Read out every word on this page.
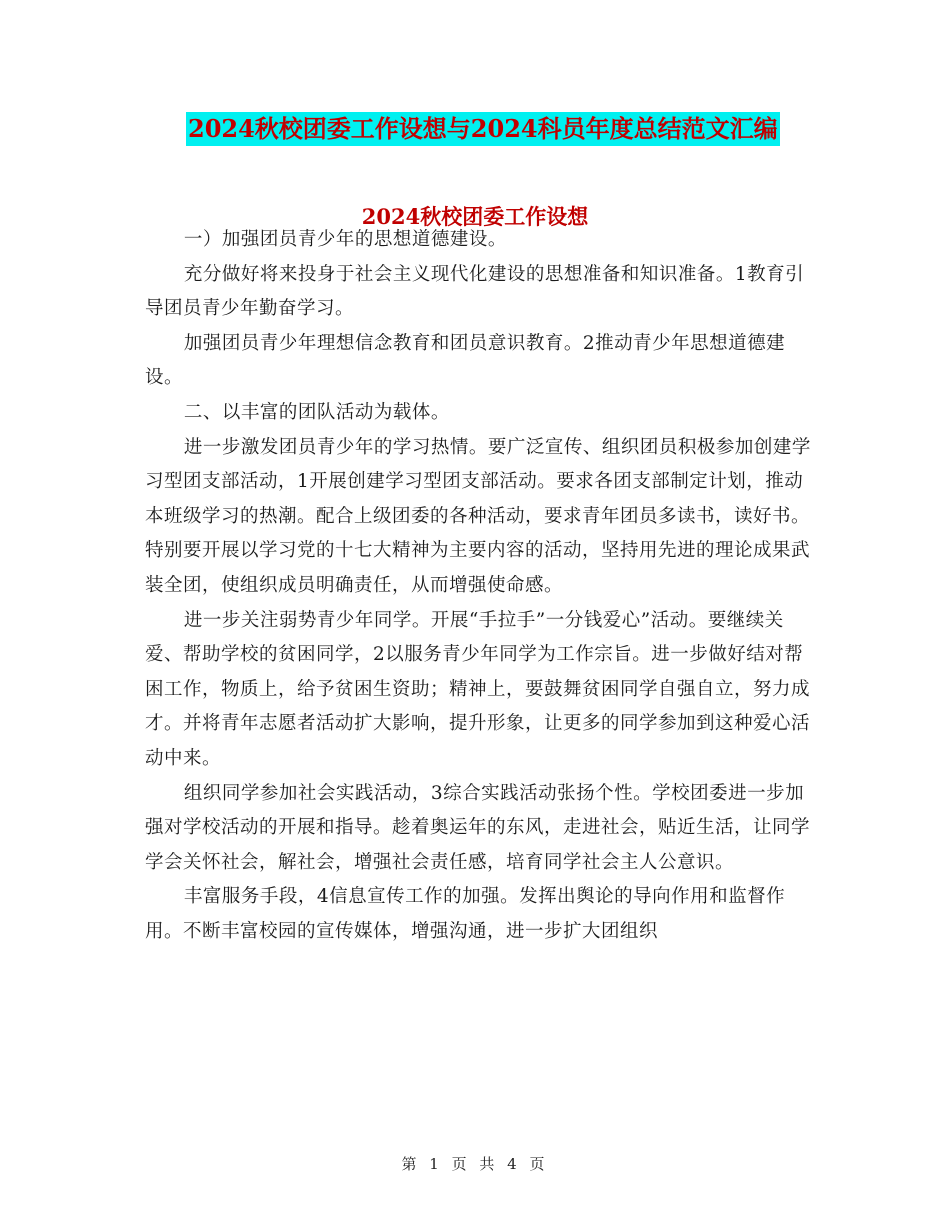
2024秋校团委工作设想与2024科员年度总结范文汇编
2024秋校团委工作设想

一）加强团员青少年的思想道德建设。

充分做好将来投身于社会主义现代化建设的思想准备和知识准备。1教育引导团员青少年勤奋学习。

加强团员青少年理想信念教育和团员意识教育。2推动青少年思想道德建设。

二、以丰富的团队活动为载体。

进一步激发团员青少年的学习热情。要广泛宣传、组织团员积极参加创建学习型团支部活动，1开展创建学习型团支部活动。要求各团支部制定计划，推动本班级学习的热潮。配合上级团委的各种活动，要求青年团员多读书，读好书。特别要开展以学习党的十七大精神为主要内容的活动，坚持用先进的理论成果武装全团，使组织成员明确责任，从而增强使命感。

进一步关注弱势青少年同学。开展“手拉手”一分钱爱心”活动。要继续关爱、帮助学校的贫困同学，2以服务青少年同学为工作宗旨。进一步做好结对帮困工作，物质上，给予贫困生资助；精神上，要鼓舞贫困同学自强自立，努力成才。并将青年志愿者活动扩大影响，提升形象，让更多的同学参加到这种爱心活动中来。

组织同学参加社会实践活动，3综合实践活动张扬个性。学校团委进一步加强对学校活动的开展和指导。趁着奥运年的东风，走进社会，贴近生活，让同学学会关怀社会，解社会，增强社会责任感，培育同学社会主人公意识。

丰富服务手段，4信息宣传工作的加强。发挥出舆论的导向作用和监督作用。不断丰富校园的宣传媒体，增强沟通，进一步扩大团组织

第 1 页 共 4 页
